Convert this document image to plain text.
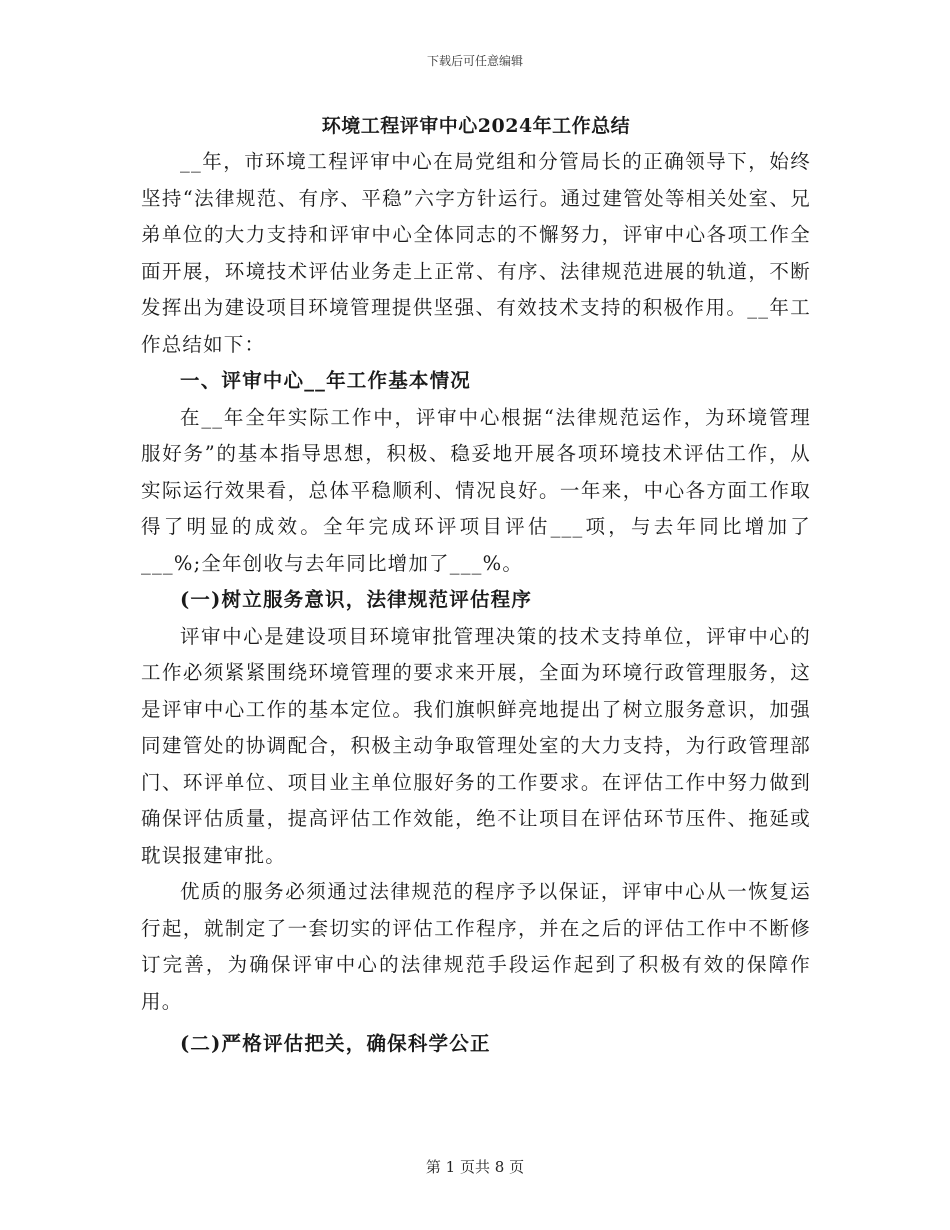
下载后可任意编辑
环境工程评审中心2024年工作总结

__年，市环境工程评审中心在局党组和分管局长的正确领导下，始终坚持“法律规范、有序、平稳”六字方针运行。通过建管处等相关处室、兄弟单位的大力支持和评审中心全体同志的不懈努力，评审中心各项工作全面开展，环境技术评估业务走上正常、有序、法律规范进展的轨道，不断发挥出为建设项目环境管理提供坚强、有效技术支持的积极作用。__年工作总结如下：

一、评审中心__年工作基本情况

在__年全年实际工作中，评审中心根据“法律规范运作，为环境管理服好务”的基本指导思想，积极、稳妥地开展各项环境技术评估工作，从实际运行效果看，总体平稳顺利、情况良好。一年来，中心各方面工作取得了明显的成效。全年完成环评项目评估___项，与去年同比增加了___%;全年创收与去年同比增加了___%。

(一)树立服务意识，法律规范评估程序

评审中心是建设项目环境审批管理决策的技术支持单位，评审中心的工作必须紧紧围绕环境管理的要求来开展，全面为环境行政管理服务，这是评审中心工作的基本定位。我们旗帜鲜亮地提出了树立服务意识，加强同建管处的协调配合，积极主动争取管理处室的大力支持，为行政管理部门、环评单位、项目业主单位服好务的工作要求。在评估工作中努力做到确保评估质量，提高评估工作效能，绝不让项目在评估环节压件、拖延或耽误报建审批。

优质的服务必须通过法律规范的程序予以保证，评审中心从一恢复运行起，就制定了一套切实的评估工作程序，并在之后的评估工作中不断修订完善，为确保评审中心的法律规范手段运作起到了积极有效的保障作用。

(二)严格评估把关，确保科学公正

第 1 页共 8 页
